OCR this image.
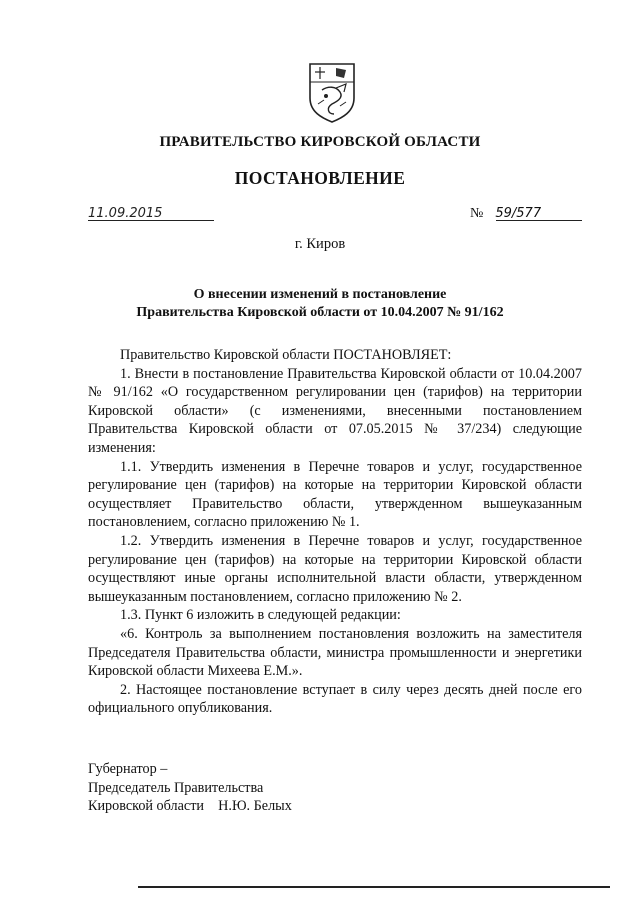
ПРАВИТЕЛЬСТВО КИРОВСКОЙ ОБЛАСТИ
ПОСТАНОВЛЕНИЕ
11.09.2015	№ 59/577
г. Киров
О внесении изменений в постановление
Правительства Кировской области от 10.04.2007 № 91/162

Правительство Кировской области ПОСТАНОВЛЯЕТ:

1. Внести в постановление Правительства Кировской области от 10.04.2007 № 91/162 «О государственном регулировании цен (тарифов) на территории Кировской области» (с изменениями, внесенными постановлением Правительства Кировской области от 07.05.2015 № 37/234) следующие изменения:

1.1. Утвердить изменения в Перечне товаров и услуг, государственное регулирование цен (тарифов) на которые на территории Кировской области осуществляет Правительство области, утвержденном вышеуказанным постановлением, согласно приложению № 1.

1.2. Утвердить изменения в Перечне товаров и услуг, государственное регулирование цен (тарифов) на которые на территории Кировской области осуществляют иные органы исполнительной власти области, утвержденном вышеуказанным постановлением, согласно приложению № 2.

1.3. Пункт 6 изложить в следующей редакции:

«6. Контроль за выполнением постановления возложить на заместителя Председателя Правительства области, министра промышленности и энергетики Кировской области Михеева Е.М.».

2. Настоящее постановление вступает в силу через десять дней после его официального опубликования.

Губернатор –
Председатель Правительства
Кировской области    Н.Ю. Белых
